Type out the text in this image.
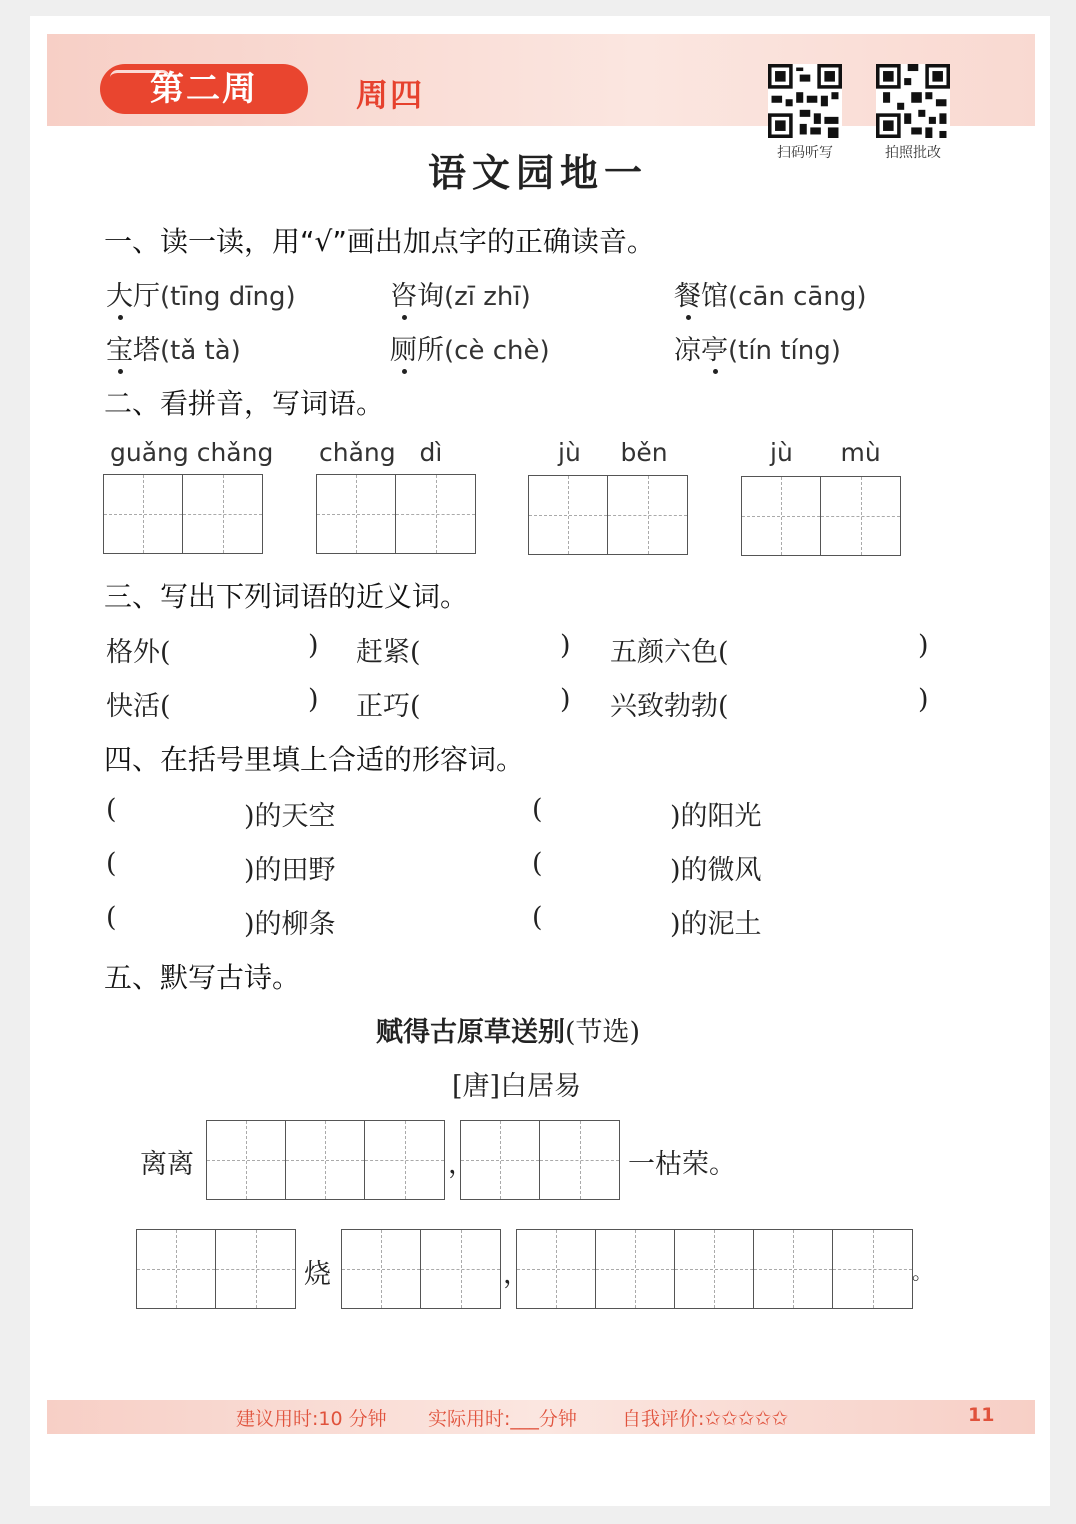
第二周	周四
扫码听写	拍照批改
语文园地一
一、读一读，用“√”画出加点字的正确读音。
大厅(tīng dīng)	咨询(zī zhī)	餐馆(cān cāng)
宝塔(tǎ tà)	厕所(cè chè)	凉亭(tín tíng)
二、看拼音，写词语。
guǎng chǎng chǎng   dì	jù     běn	jù      mù
三、写出下列词语的近义词。
格外(	) 赶紧(	) 五颜六色(	)
快活(	) 正巧(	) 兴致勃勃(	)
四、在括号里填上合适的形容词。
(	)的天空	(	)的阳光
(	)的田野	(	)的微风
(	)的柳条	(	)的泥土
五、默写古诗。
赋得古原草送别(节选)
[唐]白居易
离离	，	一枯荣。
烧	，	。
建议用时:10 分钟 实际用时:___分钟 自我评价:✩✩✩✩✩	11
